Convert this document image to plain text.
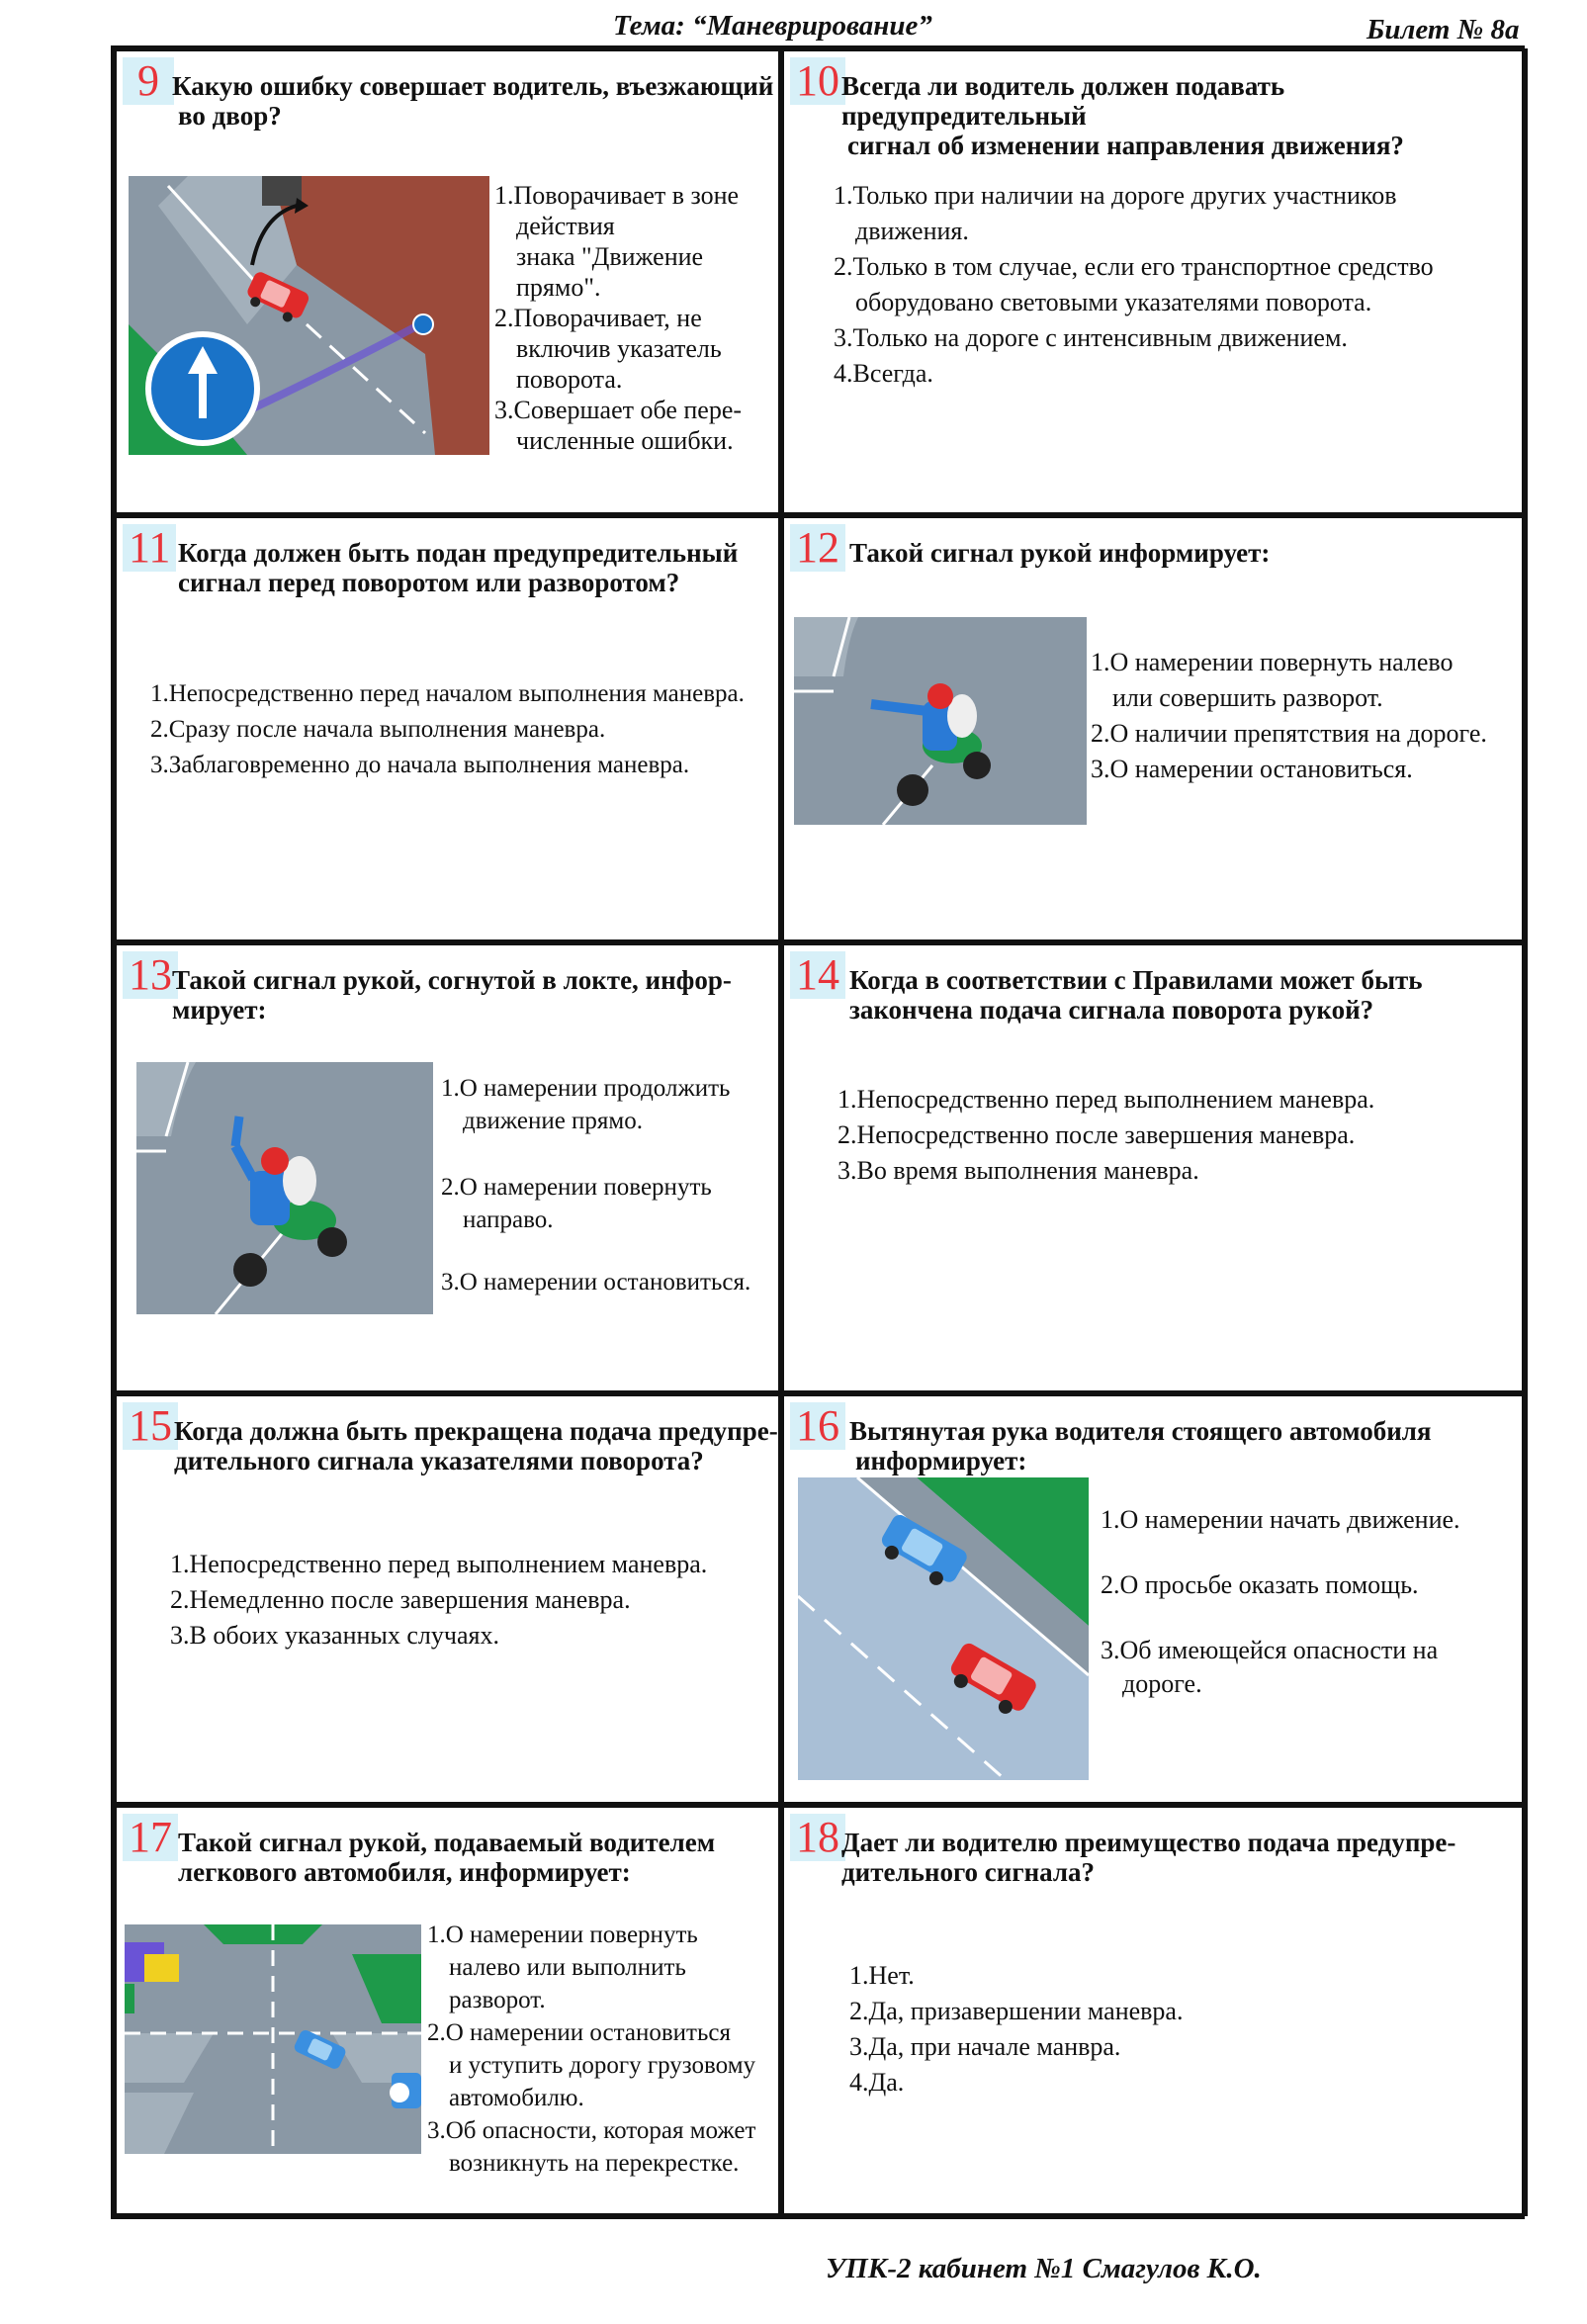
Тема: “Маневрирование”	Билет № 8а
9 Какую ошибку совершает водитель, въезжающий
во двор?
1.Поворачивает в зоне
действия
знака "Движение
прямо".
2.Поворачивает, не
включив указатель
поворота.
3.Совершает обе пере-
численные ошибки.
10 Всегда ли водитель должен подавать предупредительный
сигнал об изменении направления движения?
1.Только при наличии на дороге других участников
движения.
2.Только в том случае, если его транспортное средство
оборудовано световыми указателями поворота.
3.Только на дороге с интенсивным движением.
4.Всегда.
11 Когда должен быть подан предупредительный
сигнал перед поворотом или разворотом?
1.Непосредственно перед началом выполнения маневра.
2.Сразу после начала выполнения маневра.
3.Заблаговременно до начала выполнения маневра.
12 Такой сигнал рукой информирует:
1.О намерении повернуть налево
или совершить разворот.
2.О наличии препятствия на дороге.
3.О намерении остановиться.
13 Такой сигнал рукой, согнутой в локте, инфор-
мирует:
1.О намерении продолжить
движение прямо.
2.О намерении повернуть
направо.
3.О намерении остановиться.
14 Когда в соответствии с Правилами может быть
закончена подача сигнала поворота рукой?
1.Непосредственно перед выполнением маневра.
2.Непосредственно после завершения маневра.
3.Во время выполнения маневра.
15 Когда должна быть прекращена подача предупре-
дительного сигнала указателями поворота?
1.Непосредственно перед выполнением маневра.
2.Немедленно после завершения маневра.
3.В обоих указанных случаях.
16 Вытянутая рука водителя стоящего автомобиля
информирует:
1.О намерении начать движение.
2.О просьбе оказать помощь.
3.Об имеющейся опасности на
дороге.
17 Такой сигнал рукой, подаваемый водителем
легкового автомобиля, информирует:
1.О намерении повернуть
налево или выполнить
разворот.
2.О намерении остановиться
и уступить дорогу грузовому
автомобилю.
3.Об опасности, которая может
возникнуть на перекрестке.
18 Дает ли водителю преимущество подача предупре-
дительного сигнала?
1.Нет.
2.Да, призавершении маневра.
3.Да, при начале манвра.
4.Да.
УПК-2 кабинет №1 Смагулов К.О.
